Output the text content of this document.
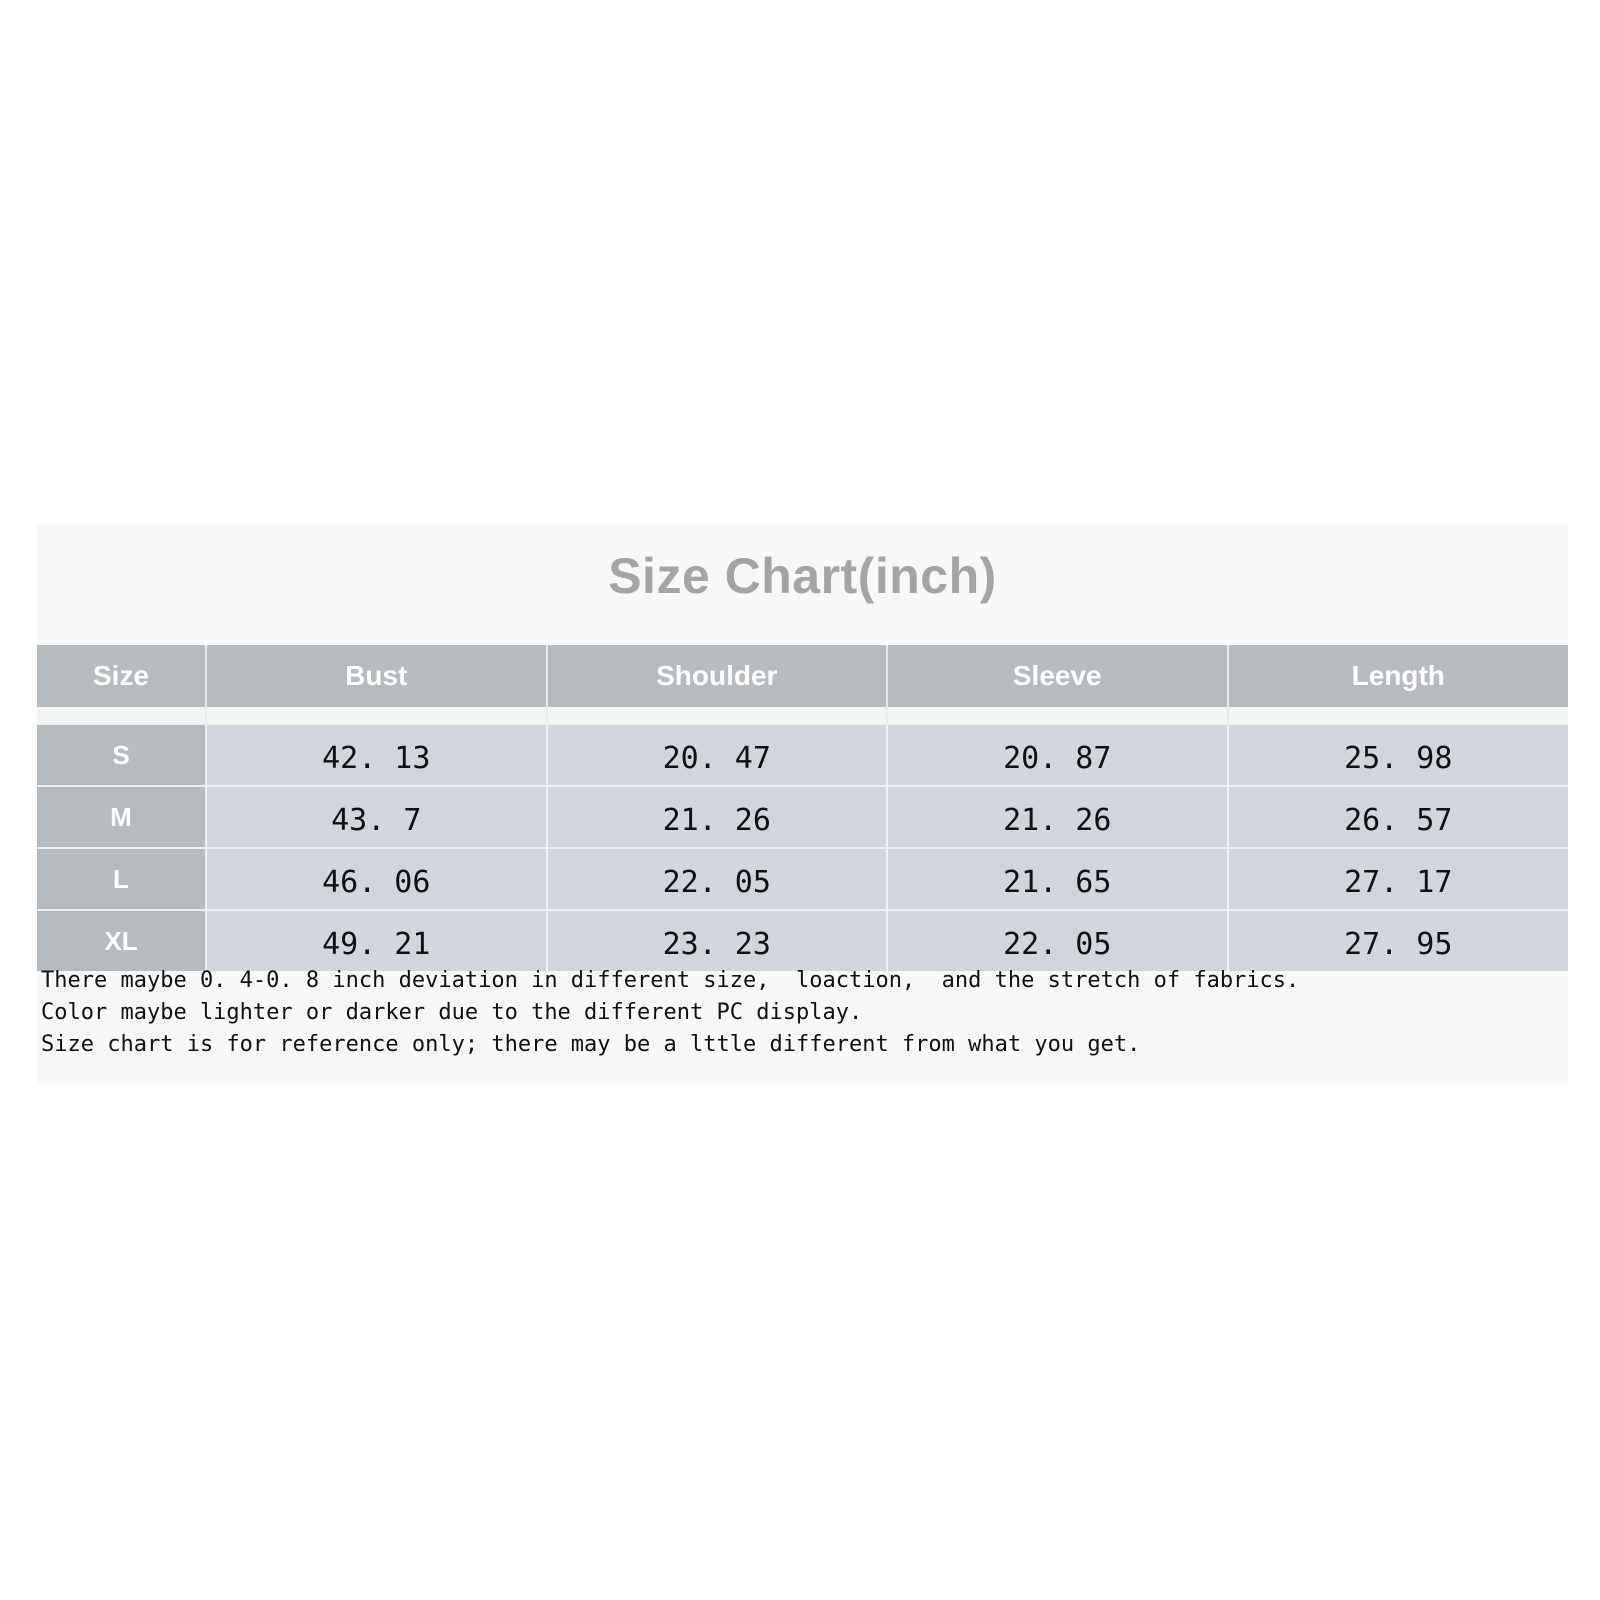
Size Chart(inch)
Size	Bust	Shoulder	Sleeve	Length

S	42. 13	20. 47	20. 87	25. 98
M	43. 7	21. 26	21. 26	26. 57
L	46. 06	22. 05	21. 65	27. 17
XL	49. 21	23. 23	22. 05	27. 95
There maybe 0. 4-0. 8 inch deviation in different size,  loaction,  and the stretch of fabrics.
Color maybe lighter or darker due to the different PC display.
Size chart is for reference only; there may be a lttle different from what you get.
